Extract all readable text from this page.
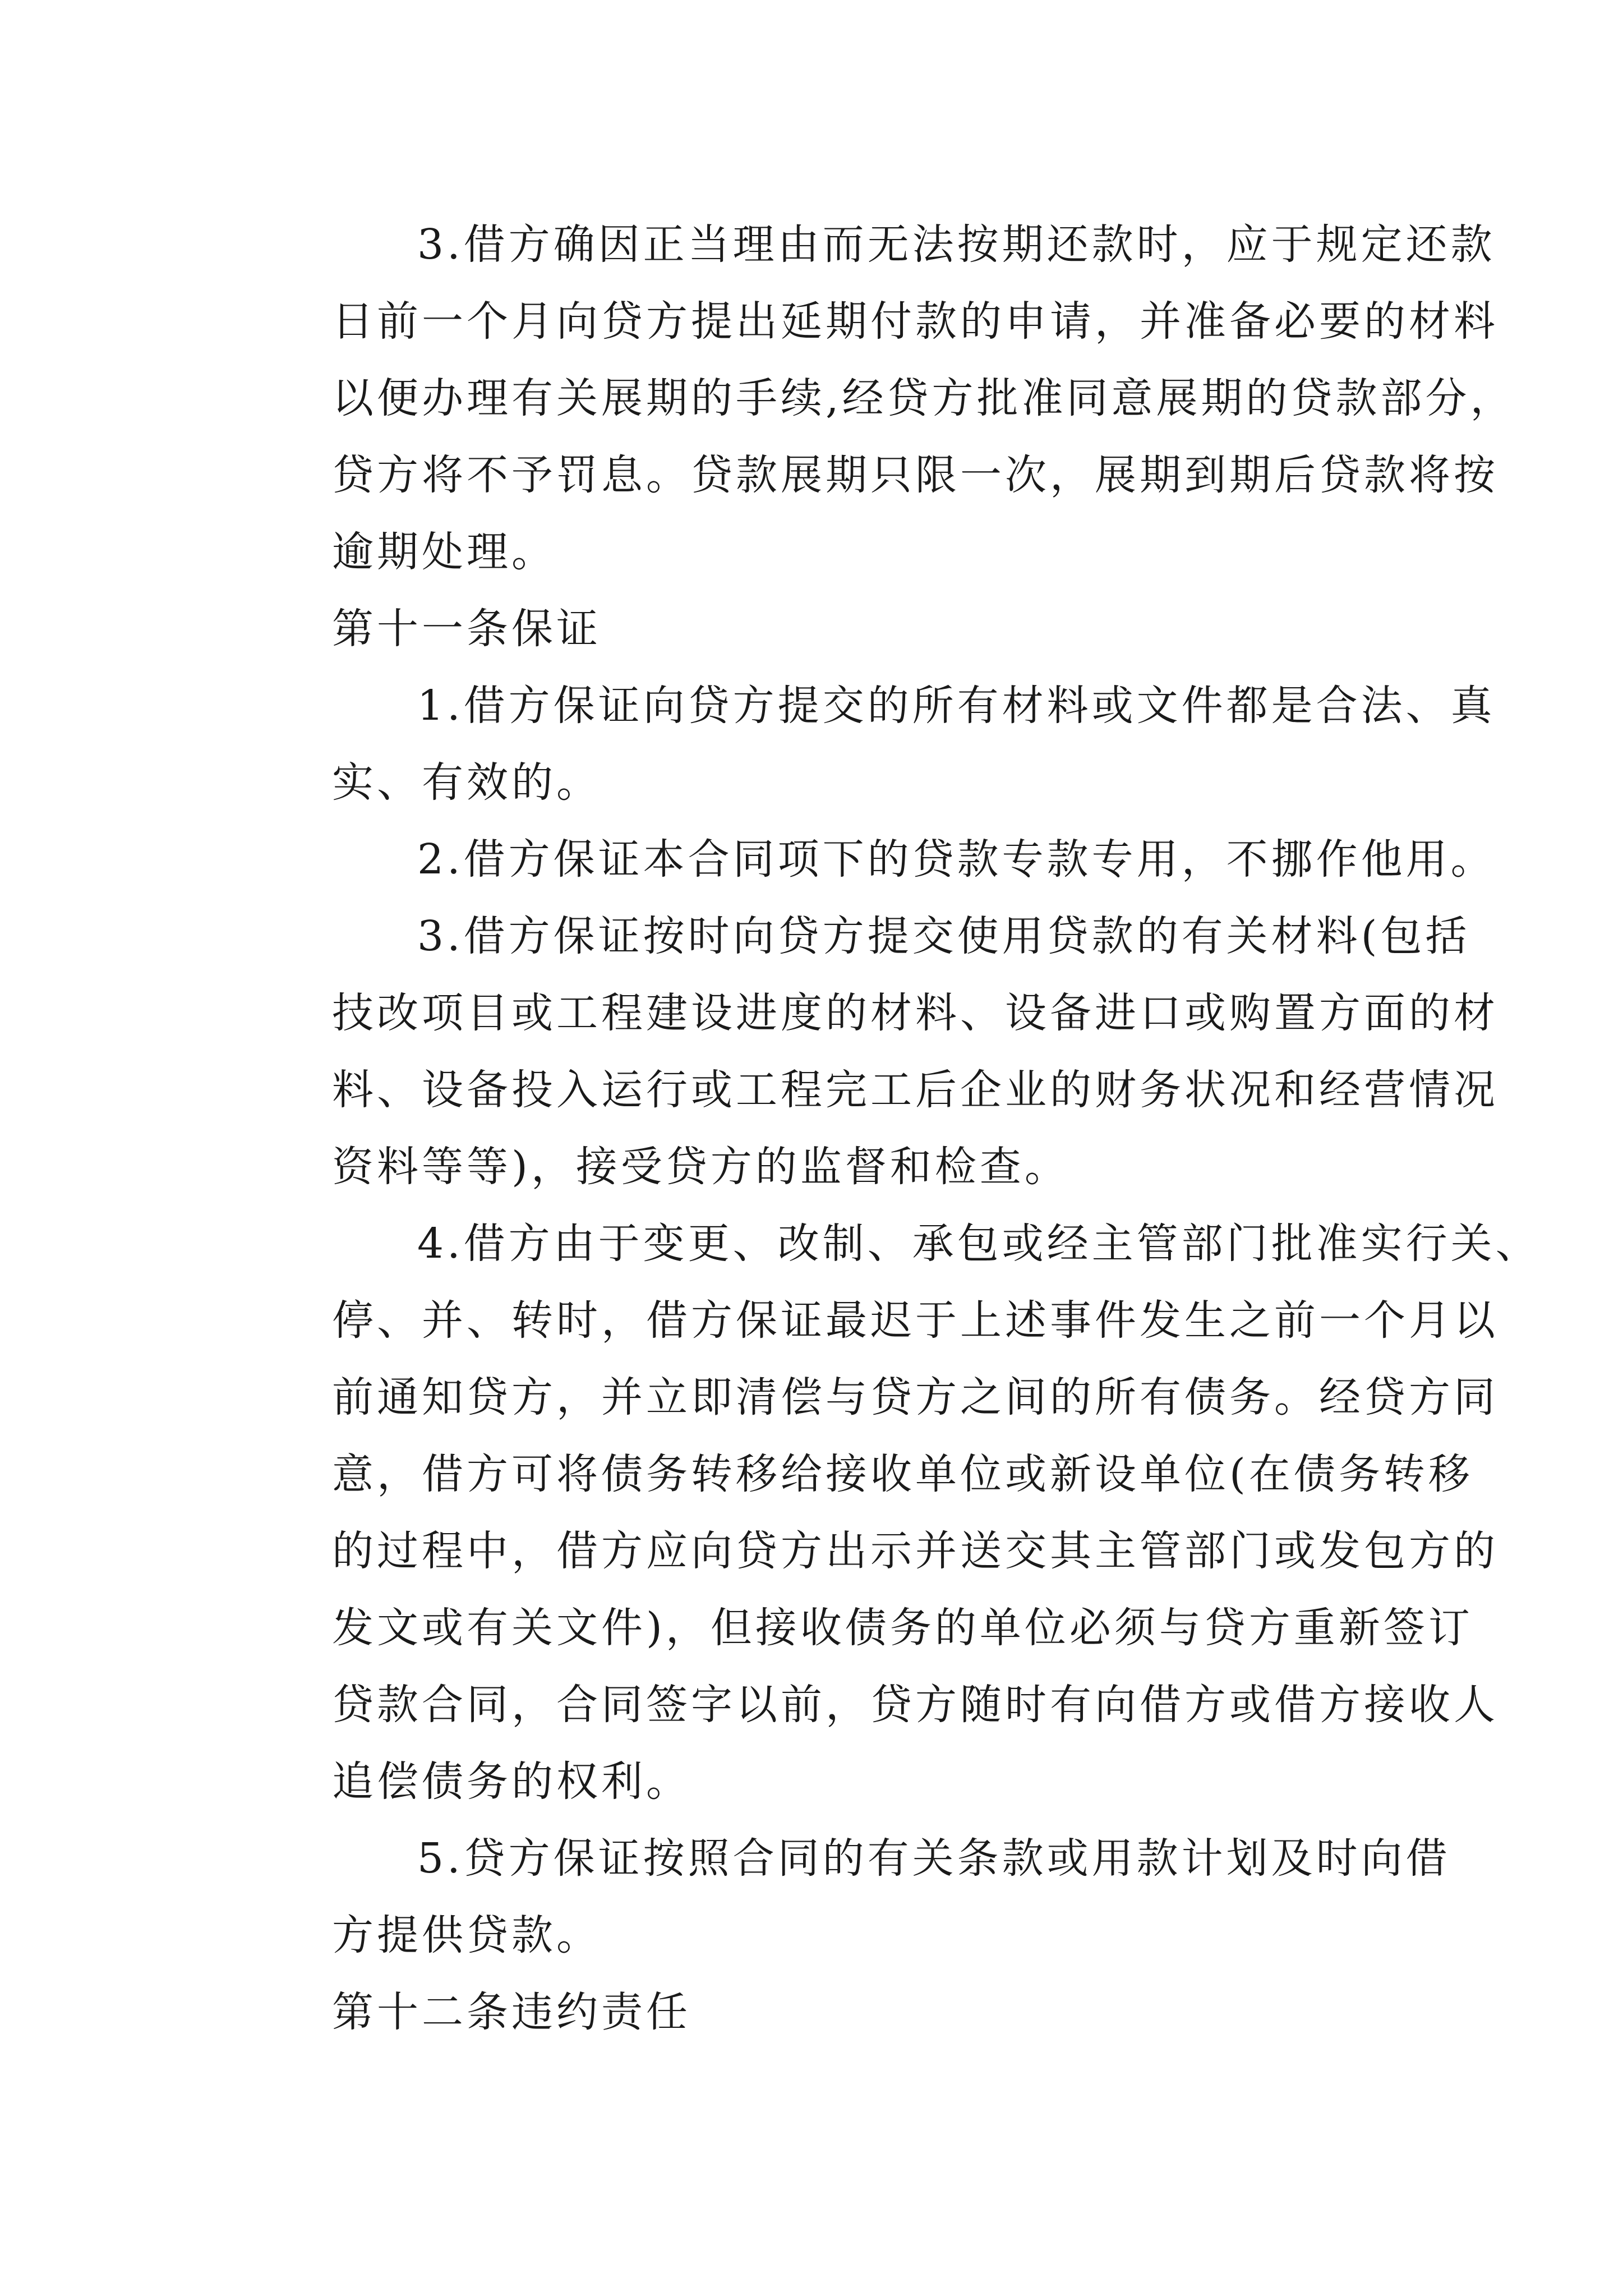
3.借方确因正当理由而无法按期还款时，应于规定还款
日前一个月向贷方提出延期付款的申请，并准备必要的材料
以便办理有关展期的手续,经贷方批准同意展期的贷款部分，
贷方将不予罚息。贷款展期只限一次，展期到期后贷款将按
逾期处理。
第十一条保证
1.借方保证向贷方提交的所有材料或文件都是合法、真
实、有效的。
2.借方保证本合同项下的贷款专款专用，不挪作他用。
3.借方保证按时向贷方提交使用贷款的有关材料(包括
技改项目或工程建设进度的材料、设备进口或购置方面的材
料、设备投入运行或工程完工后企业的财务状况和经营情况
资料等等)，接受贷方的监督和检查。
4.借方由于变更、改制、承包或经主管部门批准实行关、
停、并、转时，借方保证最迟于上述事件发生之前一个月以
前通知贷方，并立即清偿与贷方之间的所有债务。经贷方同
意，借方可将债务转移给接收单位或新设单位(在债务转移
的过程中，借方应向贷方出示并送交其主管部门或发包方的
发文或有关文件)，但接收债务的单位必须与贷方重新签订
贷款合同，合同签字以前，贷方随时有向借方或借方接收人
追偿债务的权利。
5.贷方保证按照合同的有关条款或用款计划及时向借
方提供贷款。
第十二条违约责任
